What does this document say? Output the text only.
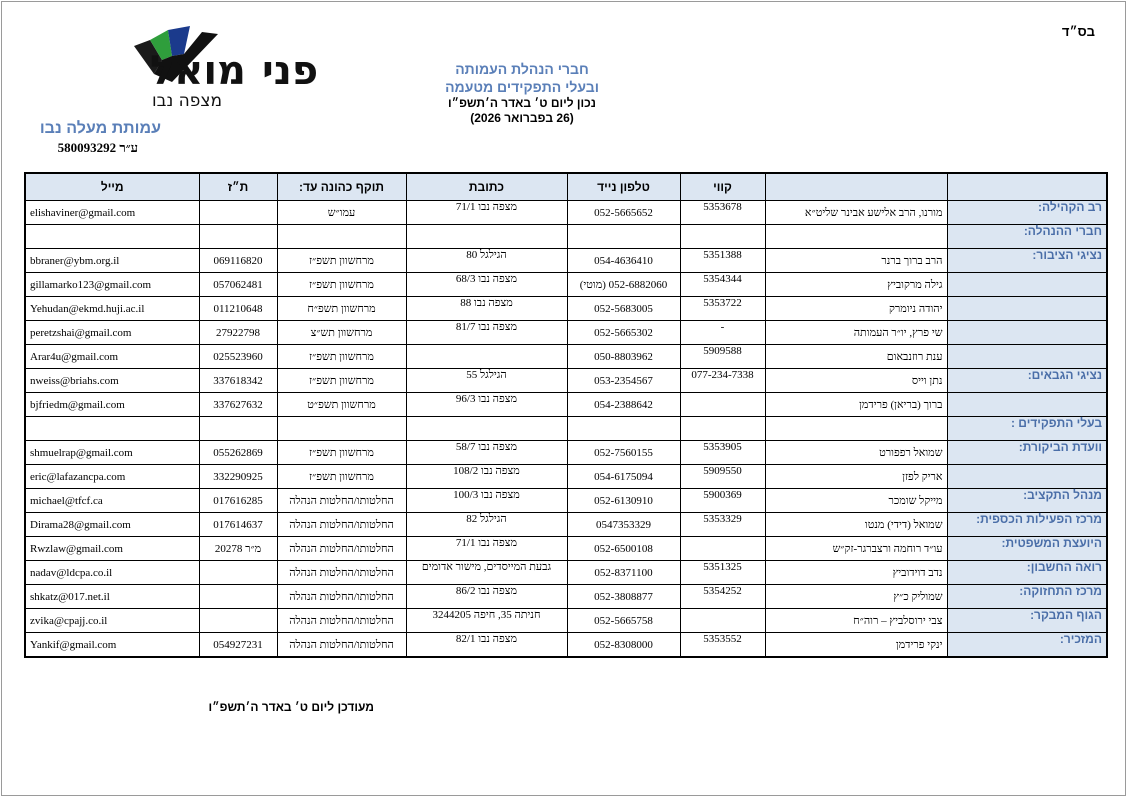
בס״ד
פני
מואל
מצפה נבו
עמותת מעלה נבו
ע״ר 580093292
חברי הנהלת העמותה
ובעלי התפקידים מטעמה
נכון ליום ט׳ באדר ה׳תשפ״ו
(26 בפברואר 2026)
		קווי	טלפון נייד	כתובת	תוקף כהונה עד:	ת״ז	מייל
רב הקהילה:	מורנו, הרב אלישע אבינר שליט״א	5353678	052-5665652	מצפה נבו 71/1	עמו״ש		elishaviner@gmail.com
חברי ההנהלה:							
נציגי הציבור:	הרב ברוך ברנר	5351388	054-4636410	הגילגל 80	מרחשוון תשפ״ז	069116820	bbraner@ybm.org.il
	גילה מרקוביץ	5354344	052-6882060 (מוטי)	מצפה נבו 68/3	מרחשוון תשפ״ז	057062481	gillamarko123@gmail.com
	יהודה ניומרק	5353722	052-5683005	מצפה נבו 88	מרחשוון תשפ״ח	011210648	Yehudan@ekmd.huji.ac.il
	שי פרץ, יו״ר העמותה	-	052-5665302	מצפה נבו 81/7	מרחשוון תש״צ	27922798	peretzshai@gmail.com
	ענת רוזנבאום	5909588	050-8803962		מרחשוון תשפ״ז	025523960	Arar4u@gmail.com
נציגי הגבאים:	נתן וייס	077-234-7338	053-2354567	הגילגל 55	מרחשוון תשפ״ז	337618342	nweiss@briahs.com
	ברוך (בריאן) פרידמן		054-2388642	מצפה נבו 96/3	מרחשוון תשפ״ט	337627632	bjfriedm@gmail.com
בעלי התפקידים :							
וועדת הביקורת:	שמואל רפפורט	5353905	052-7560155	מצפה נבו 58/7	מרחשוון תשפ״ז	055262869	shmuelrap@gmail.com
	אריק לפזן	5909550	054-6175094	מצפה נבו 108/2	מרחשוון תשפ״ז	332290925	eric@lafazancpa.com
מנהל התקציב:	מייקל שומכר	5900369	052-6130910	מצפה נבו 100/3	החלטותו/החלטות הנהלה	017616285	michael@tfcf.ca
מרכז הפעילות הכספית:	שמואל (דידי) מנטו	5353329	0547353329	הגילגל 82	החלטותו/החלטות הנהלה	017614637	Dirama28@gmail.com
היועצת המשפטית:	עו״ד רוחמה ורצברגר-זק״ש		052-6500108	מצפה נבו 71/1	החלטותו/החלטות הנהלה	מ״ר 20278	Rwzlaw@gmail.com
רואה החשבון:	נדב דוידוביץ	5351325	052-8371100	גבעת המייסדים, מישור אדומים	החלטותו/החלטות הנהלה		nadav@ldcpa.co.il
מרכז התחזוקה:	שמוליק כ״ץ	5354252	052-3808877	מצפה נבו 86/2	החלטותו/החלטות הנהלה		shkatz@017.net.il
הגוף המבקר:	צבי ירוסלביץ – רוה״ח		052-5665758	חניתה 35, חיפה 3244205	החלטותו/החלטות הנהלה		zvika@cpajj.co.il
המזכיר:	ינקי פרידמן	5353552	052-8308000	מצפה נבו 82/1	החלטותו/החלטות הנהלה	054927231	Yankif@gmail.com
מעודכן ליום ט׳ באדר ה׳תשפ״ו
